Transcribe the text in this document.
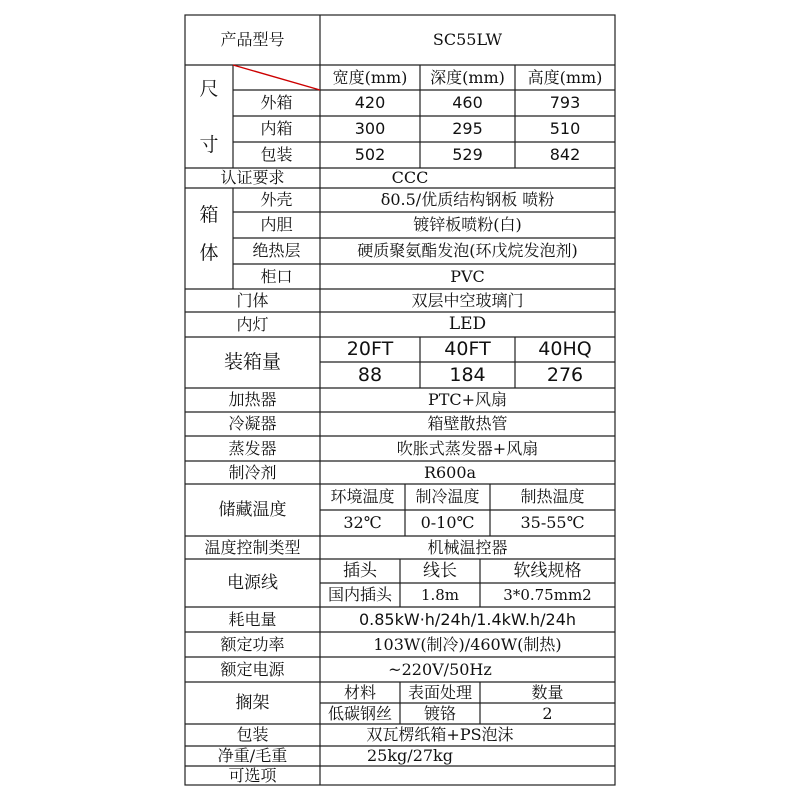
产品型号	SC55LW
尺
寸
宽度(mm)	深度(mm)	高度(mm)
外箱	420	460	793
内箱	300	295	510
包装	502	529	842
认证要求	CCC
箱
体
外壳	δ0.5/优质结构钢板 喷粉
内胆	镀锌板喷粉(白)
绝热层	硬质聚氨酯发泡(环戊烷发泡剂)
柜口	PVC
门体	双层中空玻璃门
内灯	LED
装箱量
20FT	40FT	40HQ
88	184	276
加热器	PTC+风扇
冷凝器	箱壁散热管
蒸发器	吹胀式蒸发器+风扇
制冷剂	R600a
储藏温度
环境温度	制冷温度	制热温度
32℃	0-10℃	35-55℃
温度控制类型	机械温控器
电源线
插头	线长	软线规格
国内插头	1.8m	3*0.75mm2
耗电量	0.85kW·h/24h/1.4kW.h/24h
额定功率	103W(制冷)/460W(制热)
额定电源	~220V/50Hz
搁架
材料	表面处理	数量
低碳钢丝	镀铬	2
包装	双瓦楞纸箱+PS泡沫
净重/毛重	25kg/27kg
可选项
